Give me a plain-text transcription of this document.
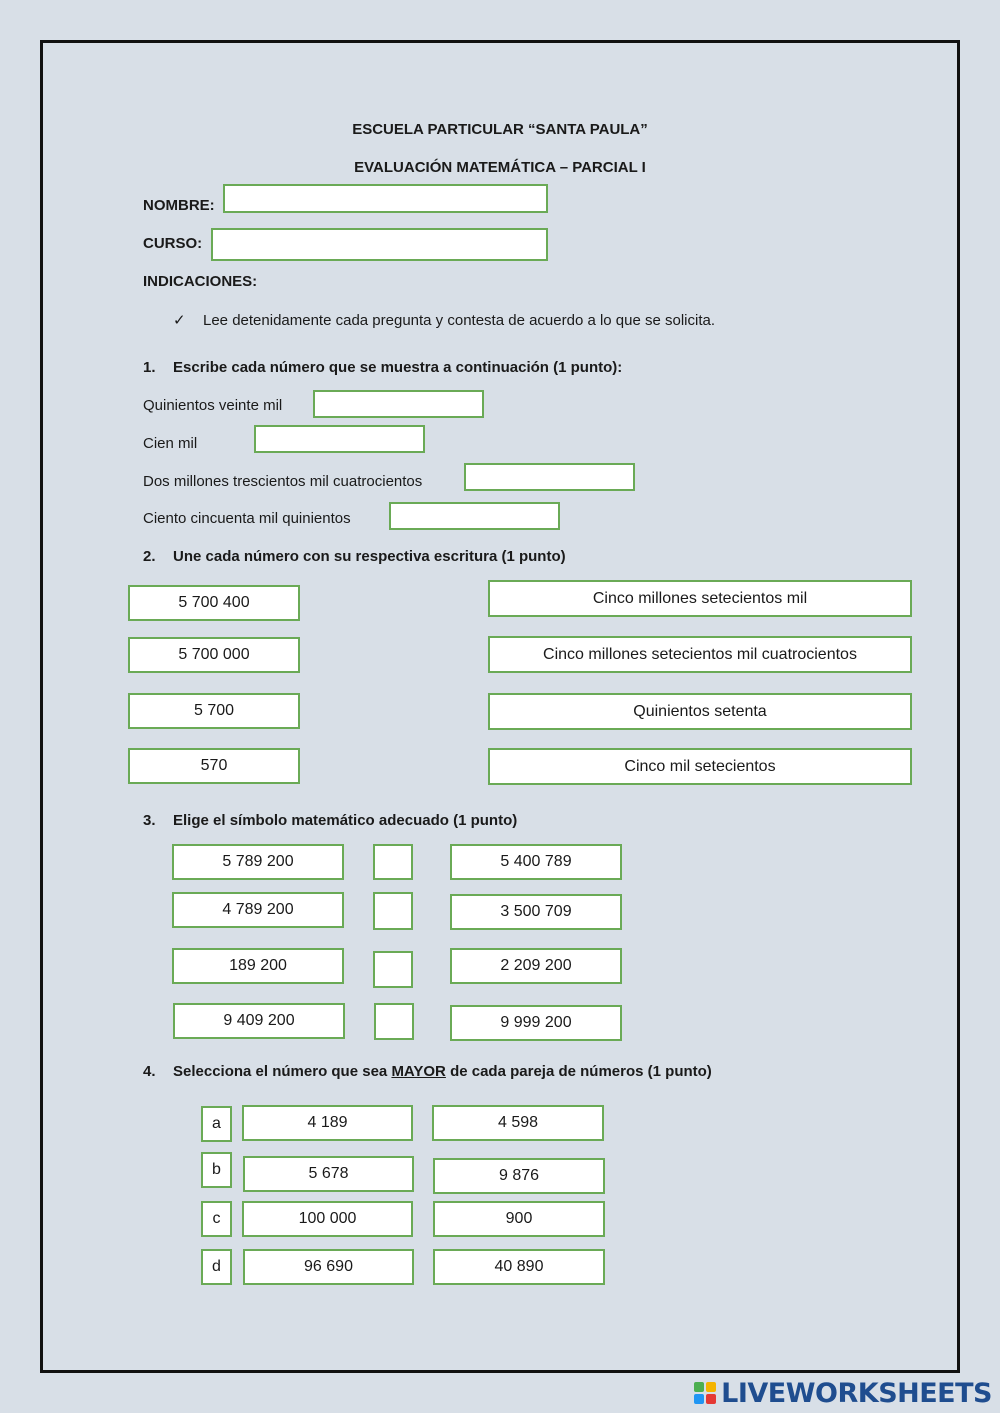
ESCUELA PARTICULAR “SANTA PAULA”
EVALUACIÓN MATEMÁTICA – PARCIAL I
NOMBRE:
CURSO:
INDICACIONES:
✓ Lee detenidamente cada pregunta y contesta de acuerdo a lo que se solicita.
1. Escribe cada número que se muestra a continuación (1 punto):
Quinientos veinte mil
Cien mil
Dos millones trescientos mil cuatrocientos
Ciento cincuenta mil quinientos
2. Une cada número con su respectiva escritura (1 punto)
5 700 400
5 700 000
5 700
570
Cinco millones setecientos mil
Cinco millones setecientos mil cuatrocientos
Quinientos setenta
Cinco mil setecientos
3. Elige el símbolo matemático adecuado (1 punto)
5 789 200	5 400 789
4 789 200	3 500 709
189 200	2 209 200
9 409 200	9 999 200
4. Selecciona el número que sea MAYOR de cada pareja de números (1 punto)
a	4 189	4 598
b	5 678	9 876
c	100 000	900
d	96 690	40 890
LIVEWORKSHEETS
